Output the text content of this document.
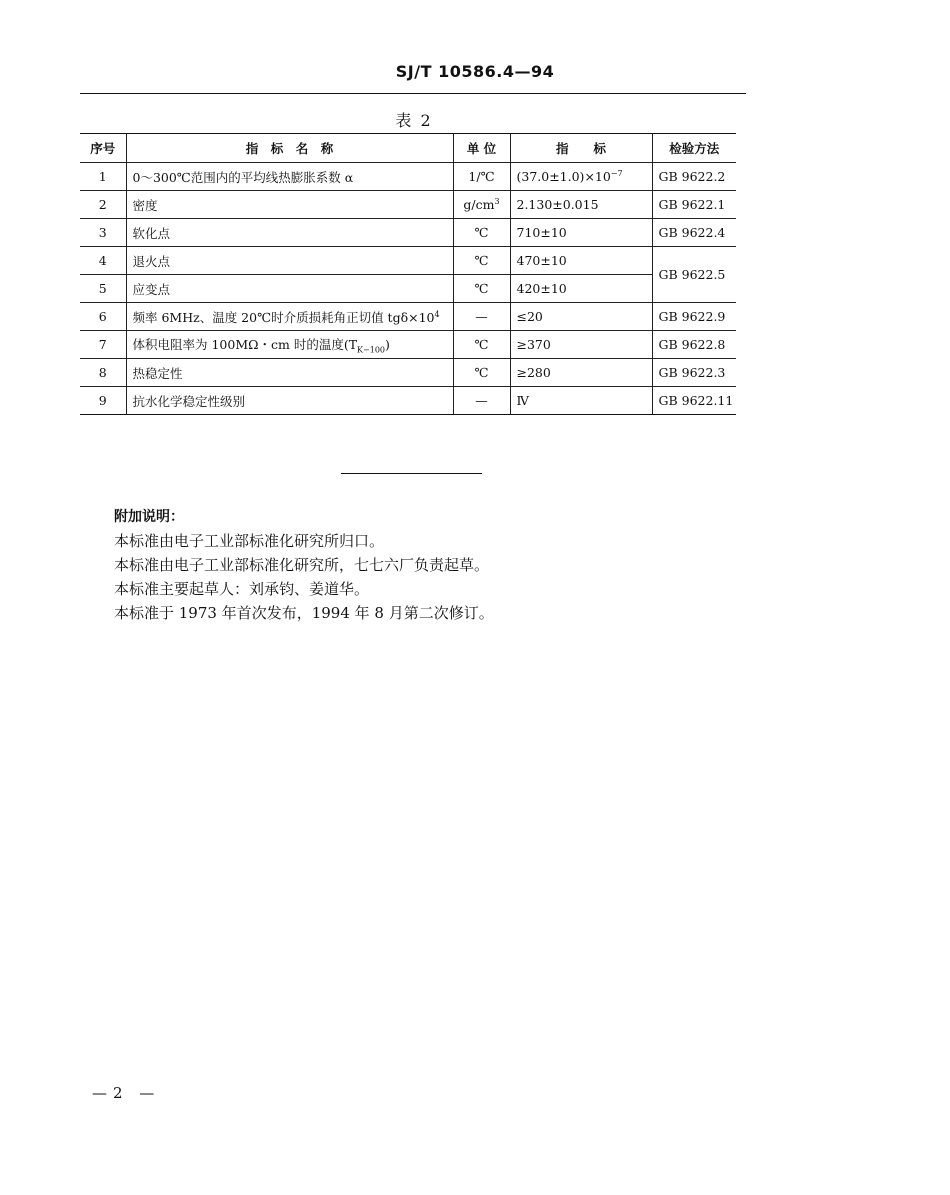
SJ/T 10586.4—94
表 2
序号	指　标　名　称	单 位	指　　标	检验方法
1	0～300℃范围内的平均线热膨胀系数 α	1/℃	$(37.0\pm 1.0)\times 10^{-7}$	GB 9622.2
2	密度	$g/cm^3$	2.130±0.015	GB 9622.1
3	软化点	℃	710±10	GB 9622.4
4	退火点	℃	470±10	GB 9622.5
5	应变点	℃	420±10	
6	频率 6MHz、温度 20℃时介质损耗角正切值 $tg\delta\times 10^4$	—	≤20	GB 9622.9
7	体积电阻率为 100MΩ・cm 时的温度$(T_{K-100})$	℃	≥370	GB 9622.8
8	热稳定性	℃	≥280	GB 9622.3
9	抗水化学稳定性级别	—	Ⅳ	GB 9622.11
附加说明：
本标准由电子工业部标准化研究所归口。
本标准由电子工业部标准化研究所，七七六厂负责起草。
本标准主要起草人：刘承钧、姜道华。
本标准于 1973 年首次发布，1994 年 8 月第二次修订。
—2 —
